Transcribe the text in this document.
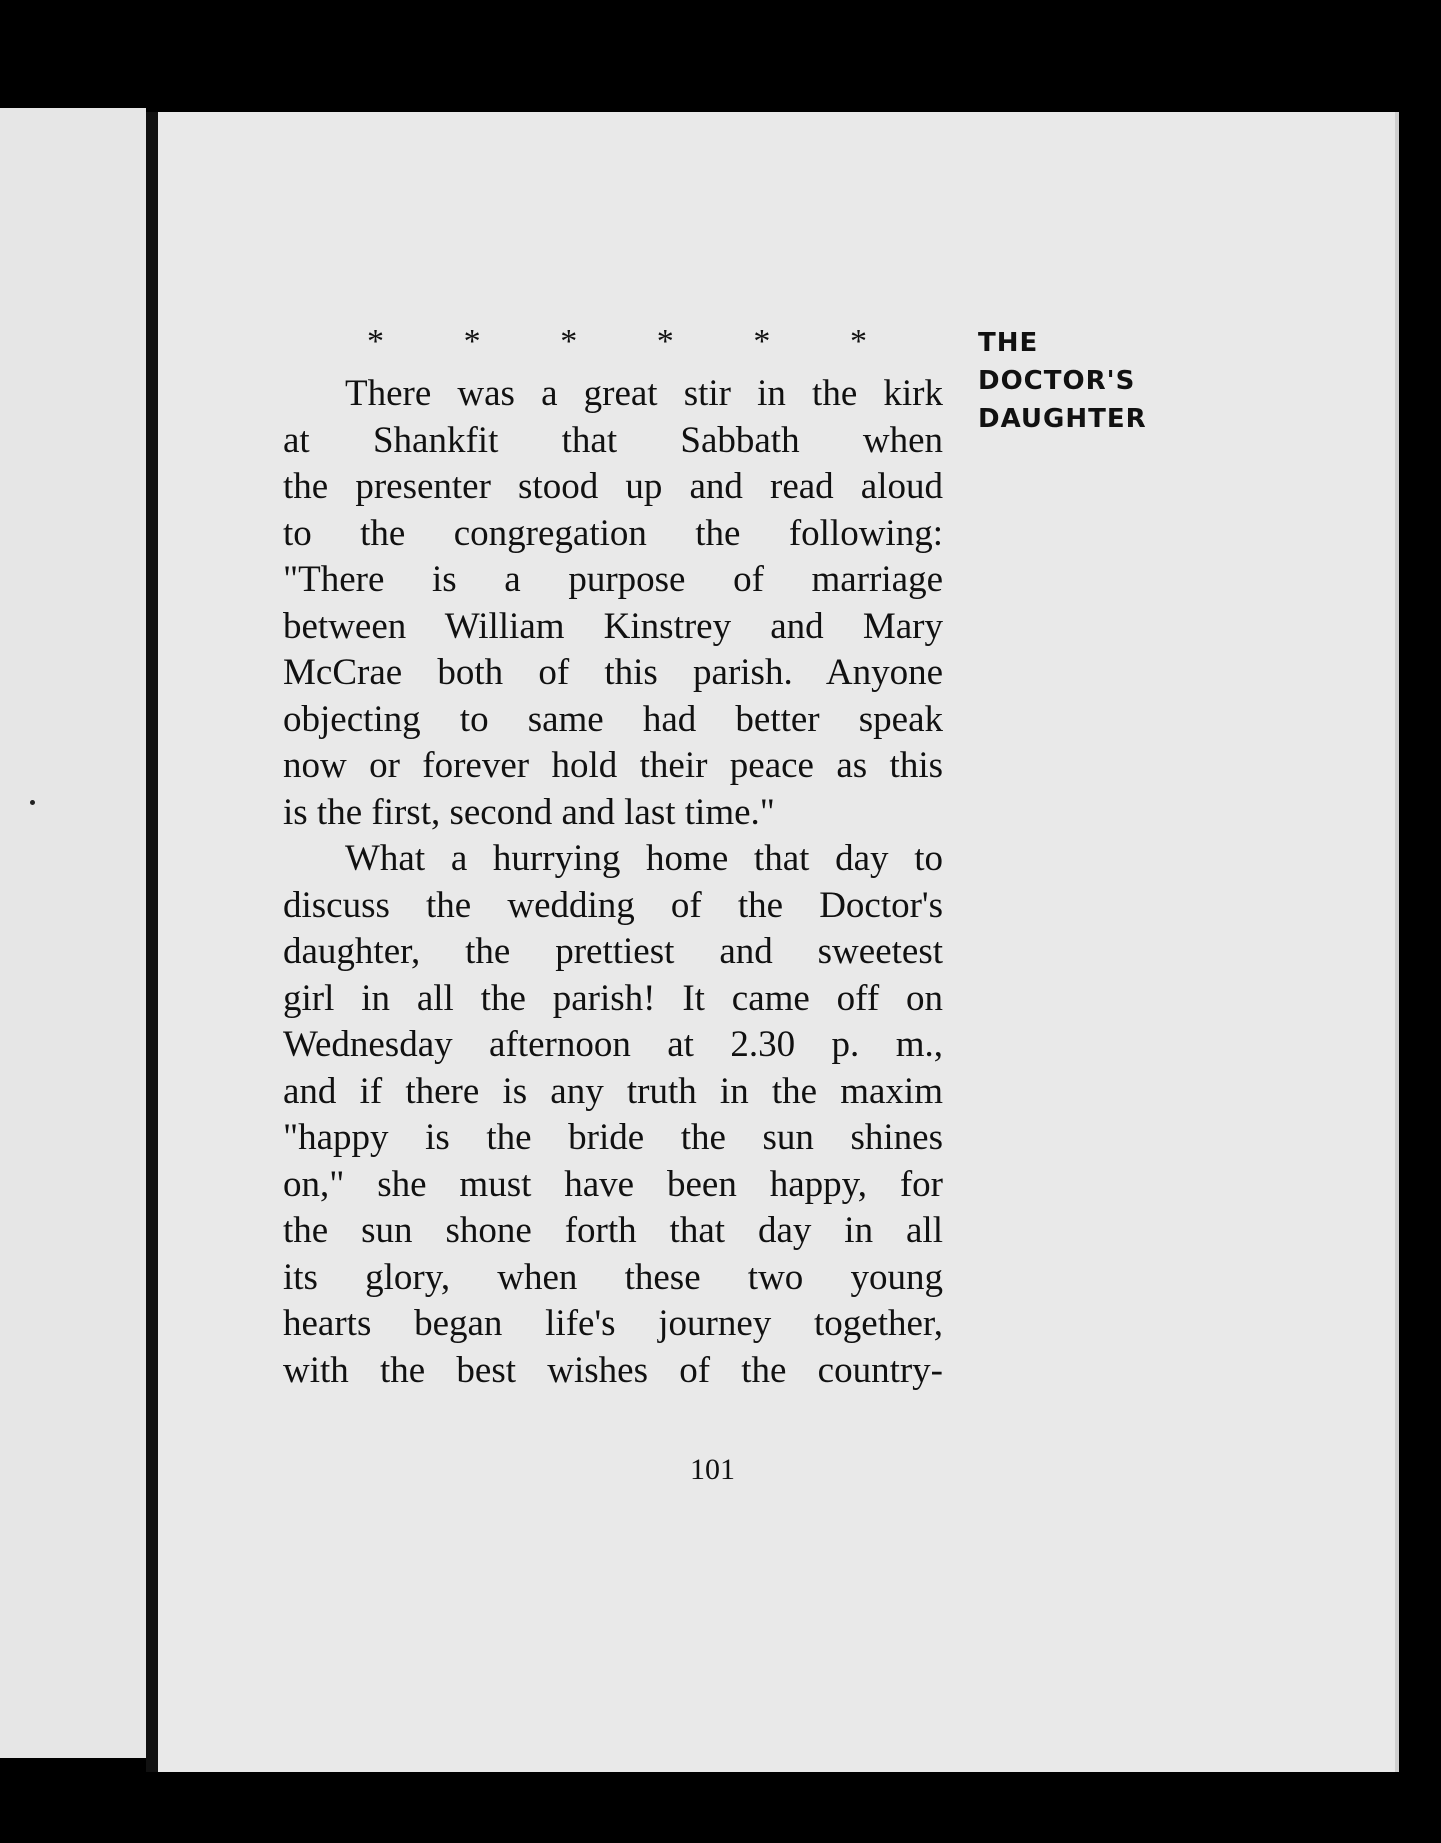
* * * * * *

There was a great stir in the kirk
at Shankfit that Sabbath when
the presenter stood up and read aloud
to the congregation the following:
"There is a purpose of marriage
between William Kinstrey and Mary
McCrae both of this parish. Anyone
objecting to same had better speak
now or forever hold their peace as this
is the first, second and last time."

What a hurrying home that day to
discuss the wedding of the Doctor's
daughter, the prettiest and sweetest
girl in all the parish! It came off on
Wednesday afternoon at 2.30 p. m.,
and if there is any truth in the maxim
"happy is the bride the sun shines
on," she must have been happy, for
the sun shone forth that day in all
its glory, when these two young
hearts began life's journey together,
with the best wishes of the country-

THE
DOCTOR'S
DAUGHTER
101
